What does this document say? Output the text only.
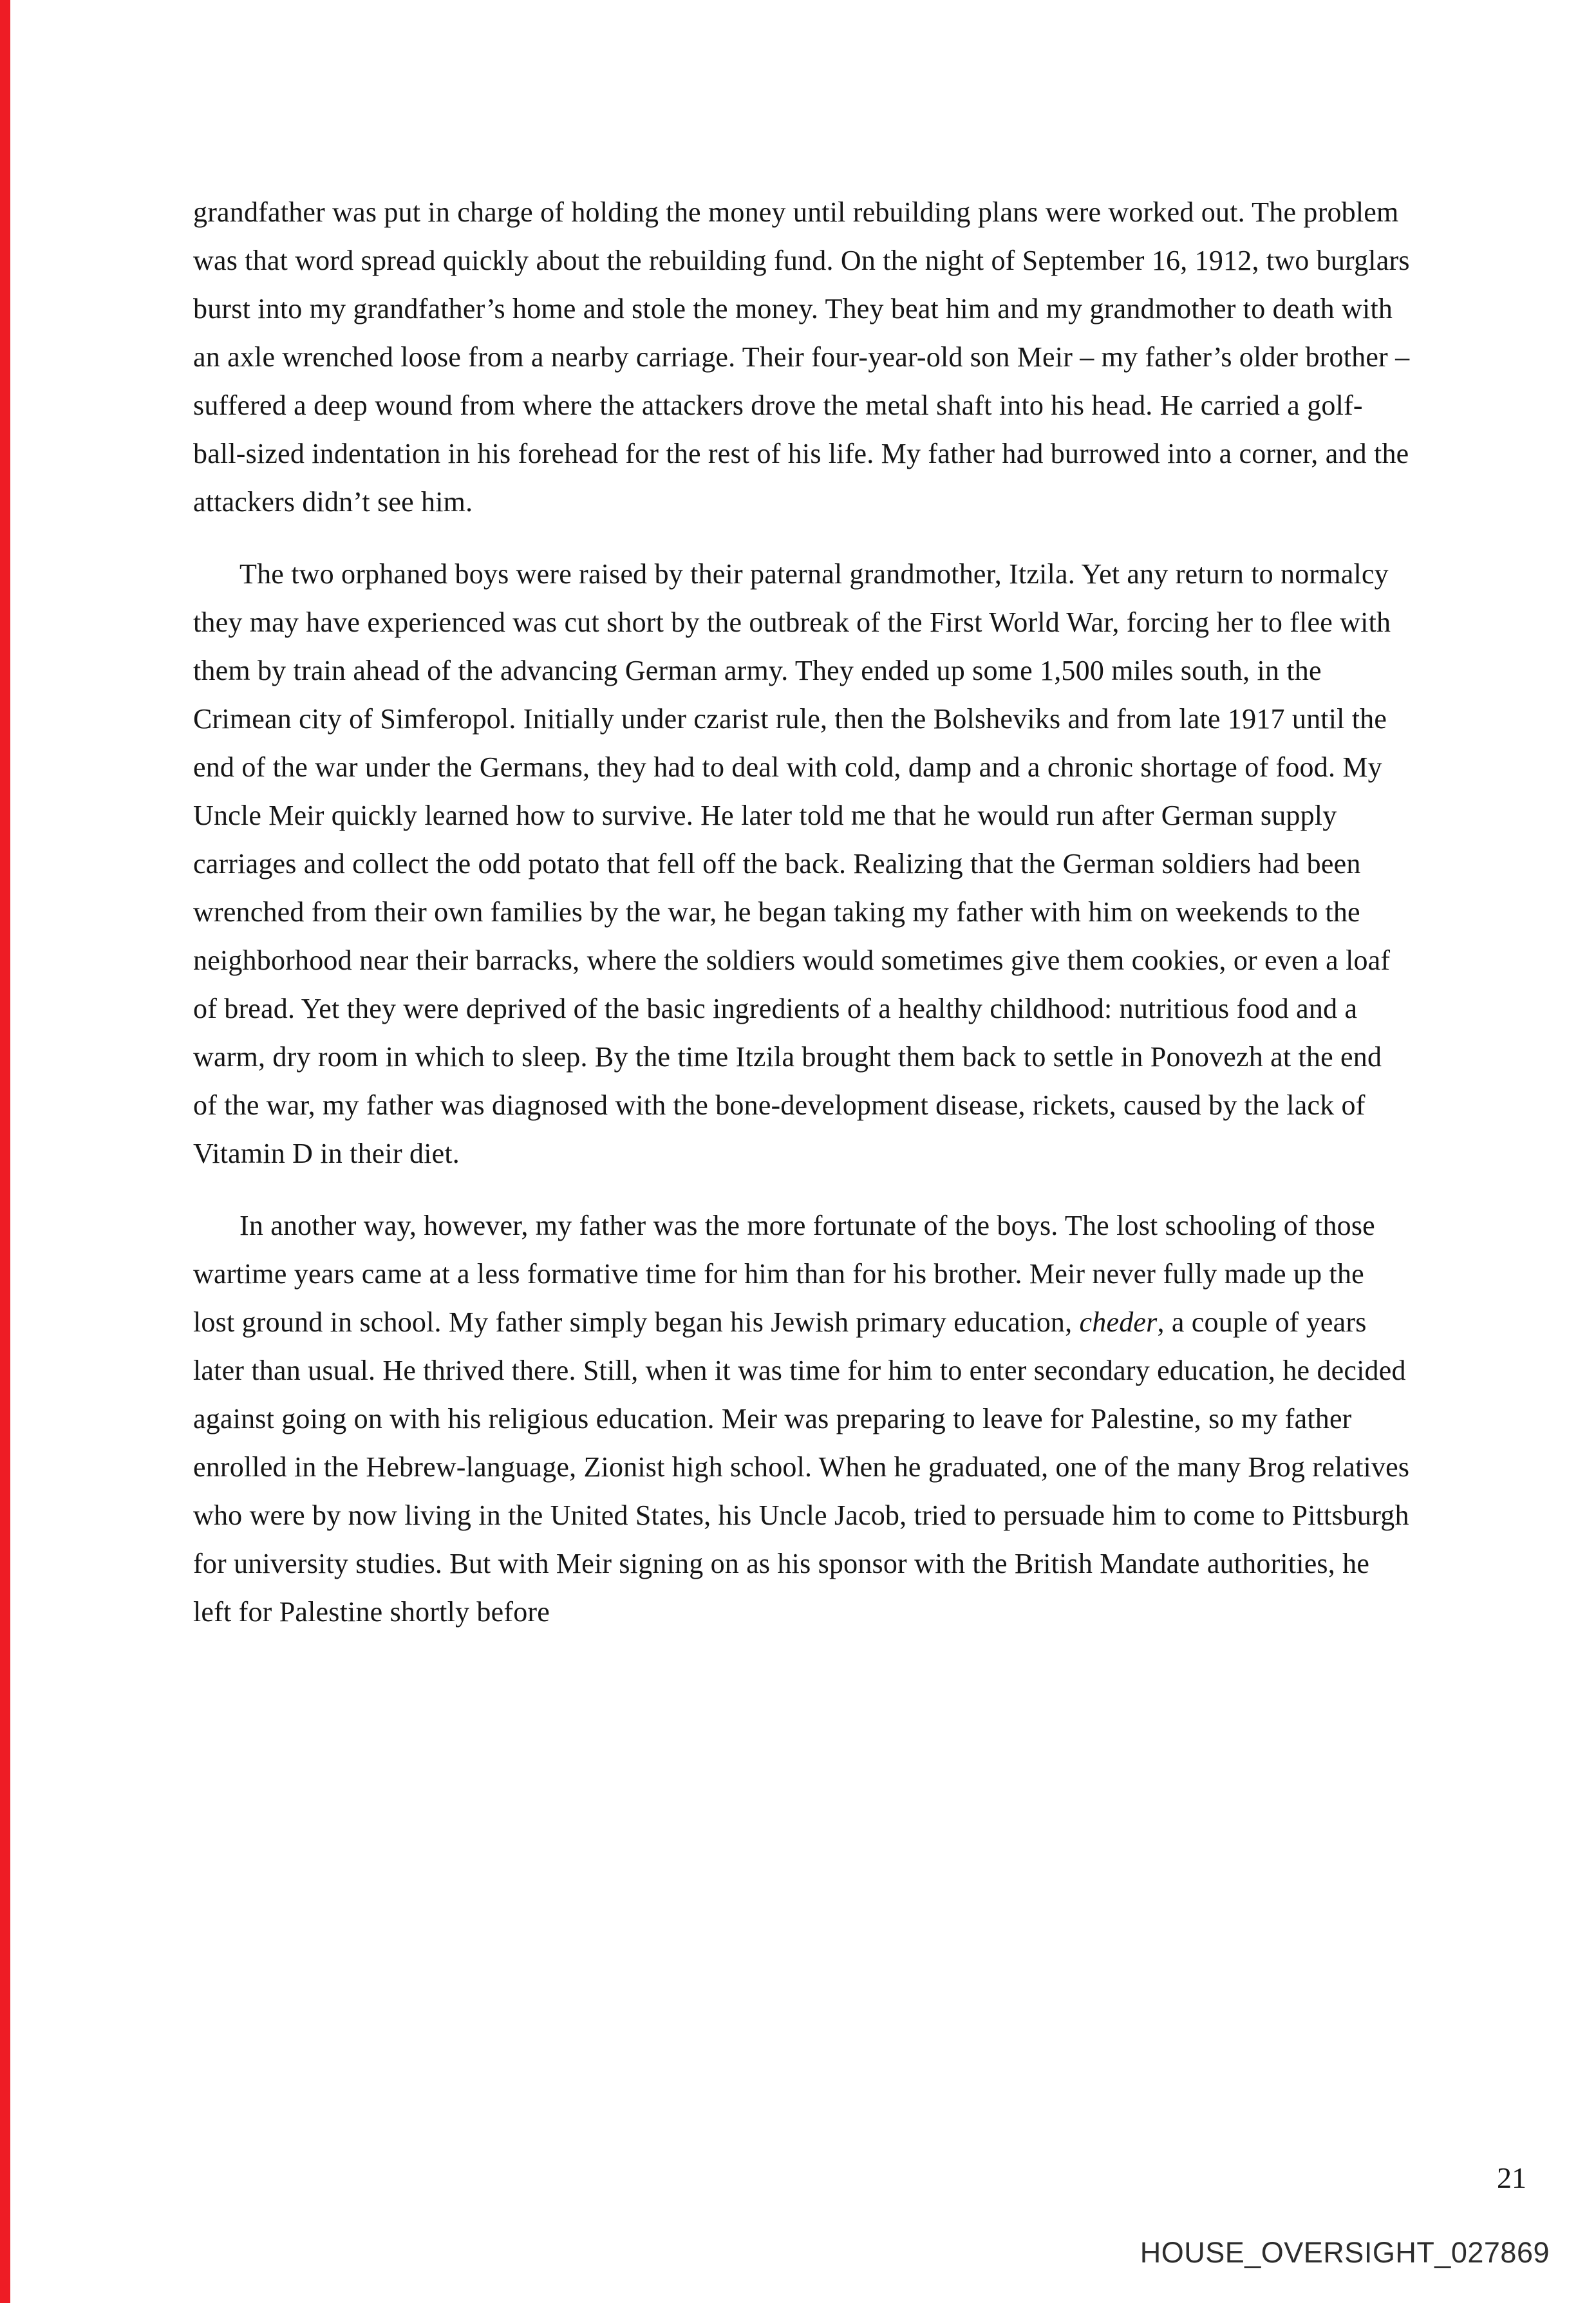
grandfather was put in charge of holding the money until rebuilding plans were worked out. The problem was that word spread quickly about the rebuilding fund. On the night of September 16, 1912, two burglars burst into my grandfather’s home and stole the money. They beat him and my grandmother to death with an axle wrenched loose from a nearby carriage. Their four-year-old son Meir – my father’s older brother – suffered a deep wound from where the attackers drove the metal shaft into his head. He carried a golf-ball-sized indentation in his forehead for the rest of his life. My father had burrowed into a corner, and the attackers didn’t see him.

The two orphaned boys were raised by their paternal grandmother, Itzila. Yet any return to normalcy they may have experienced was cut short by the outbreak of the First World War, forcing her to flee with them by train ahead of the advancing German army. They ended up some 1,500 miles south, in the Crimean city of Simferopol. Initially under czarist rule, then the Bolsheviks and from late 1917 until the end of the war under the Germans, they had to deal with cold, damp and a chronic shortage of food. My Uncle Meir quickly learned how to survive. He later told me that he would run after German supply carriages and collect the odd potato that fell off the back. Realizing that the German soldiers had been wrenched from their own families by the war, he began taking my father with him on weekends to the neighborhood near their barracks, where the soldiers would sometimes give them cookies, or even a loaf of bread. Yet they were deprived of the basic ingredients of a healthy childhood: nutritious food and a warm, dry room in which to sleep. By the time Itzila brought them back to settle in Ponovezh at the end of the war, my father was diagnosed with the bone-development disease, rickets, caused by the lack of Vitamin D in their diet.

In another way, however, my father was the more fortunate of the boys. The lost schooling of those wartime years came at a less formative time for him than for his brother. Meir never fully made up the lost ground in school. My father simply began his Jewish primary education, cheder, a couple of years later than usual. He thrived there. Still, when it was time for him to enter secondary education, he decided against going on with his religious education. Meir was preparing to leave for Palestine, so my father enrolled in the Hebrew-language, Zionist high school. When he graduated, one of the many Brog relatives who were by now living in the United States, his Uncle Jacob, tried to persuade him to come to Pittsburgh for university studies. But with Meir signing on as his sponsor with the British Mandate authorities, he left for Palestine shortly before

21
HOUSE_OVERSIGHT_027869
